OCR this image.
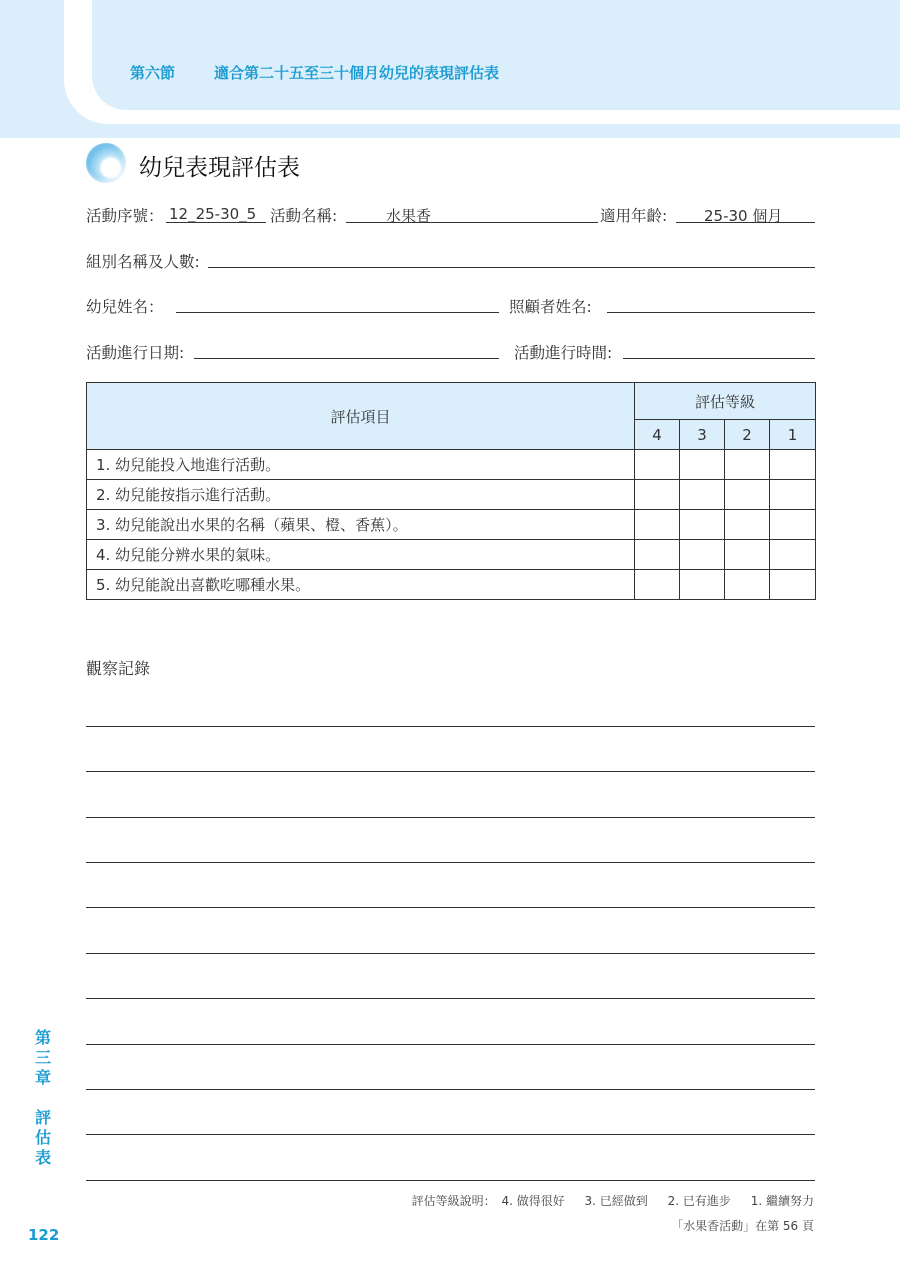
第六節	適合第二十五至三十個月幼兒的表現評估表
幼兒表現評估表
活動序號： 12_25-30_5 活動名稱:	水果香	適用年齡: 25-30 個月
組別名稱及人數:
幼兒姓名：	照顧者姓名:
活動進行日期:	活動進行時間:
評估項目	評估等級			
	4	3	2	1
1. 幼兒能投入地進行活動。				
2. 幼兒能按指示進行活動。				
3. 幼兒能說出水果的名稱（蘋果、橙、香蕉）。				
4. 幼兒能分辨水果的氣味。				
5. 幼兒能說出喜歡吃哪種水果。				
觀察記錄
第
三
章
評
估
表
122
評估等級說明： 4. 做得很好 3. 已經做到 2. 已有進步 1. 繼續努力
「水果香活動」在第 56 頁
